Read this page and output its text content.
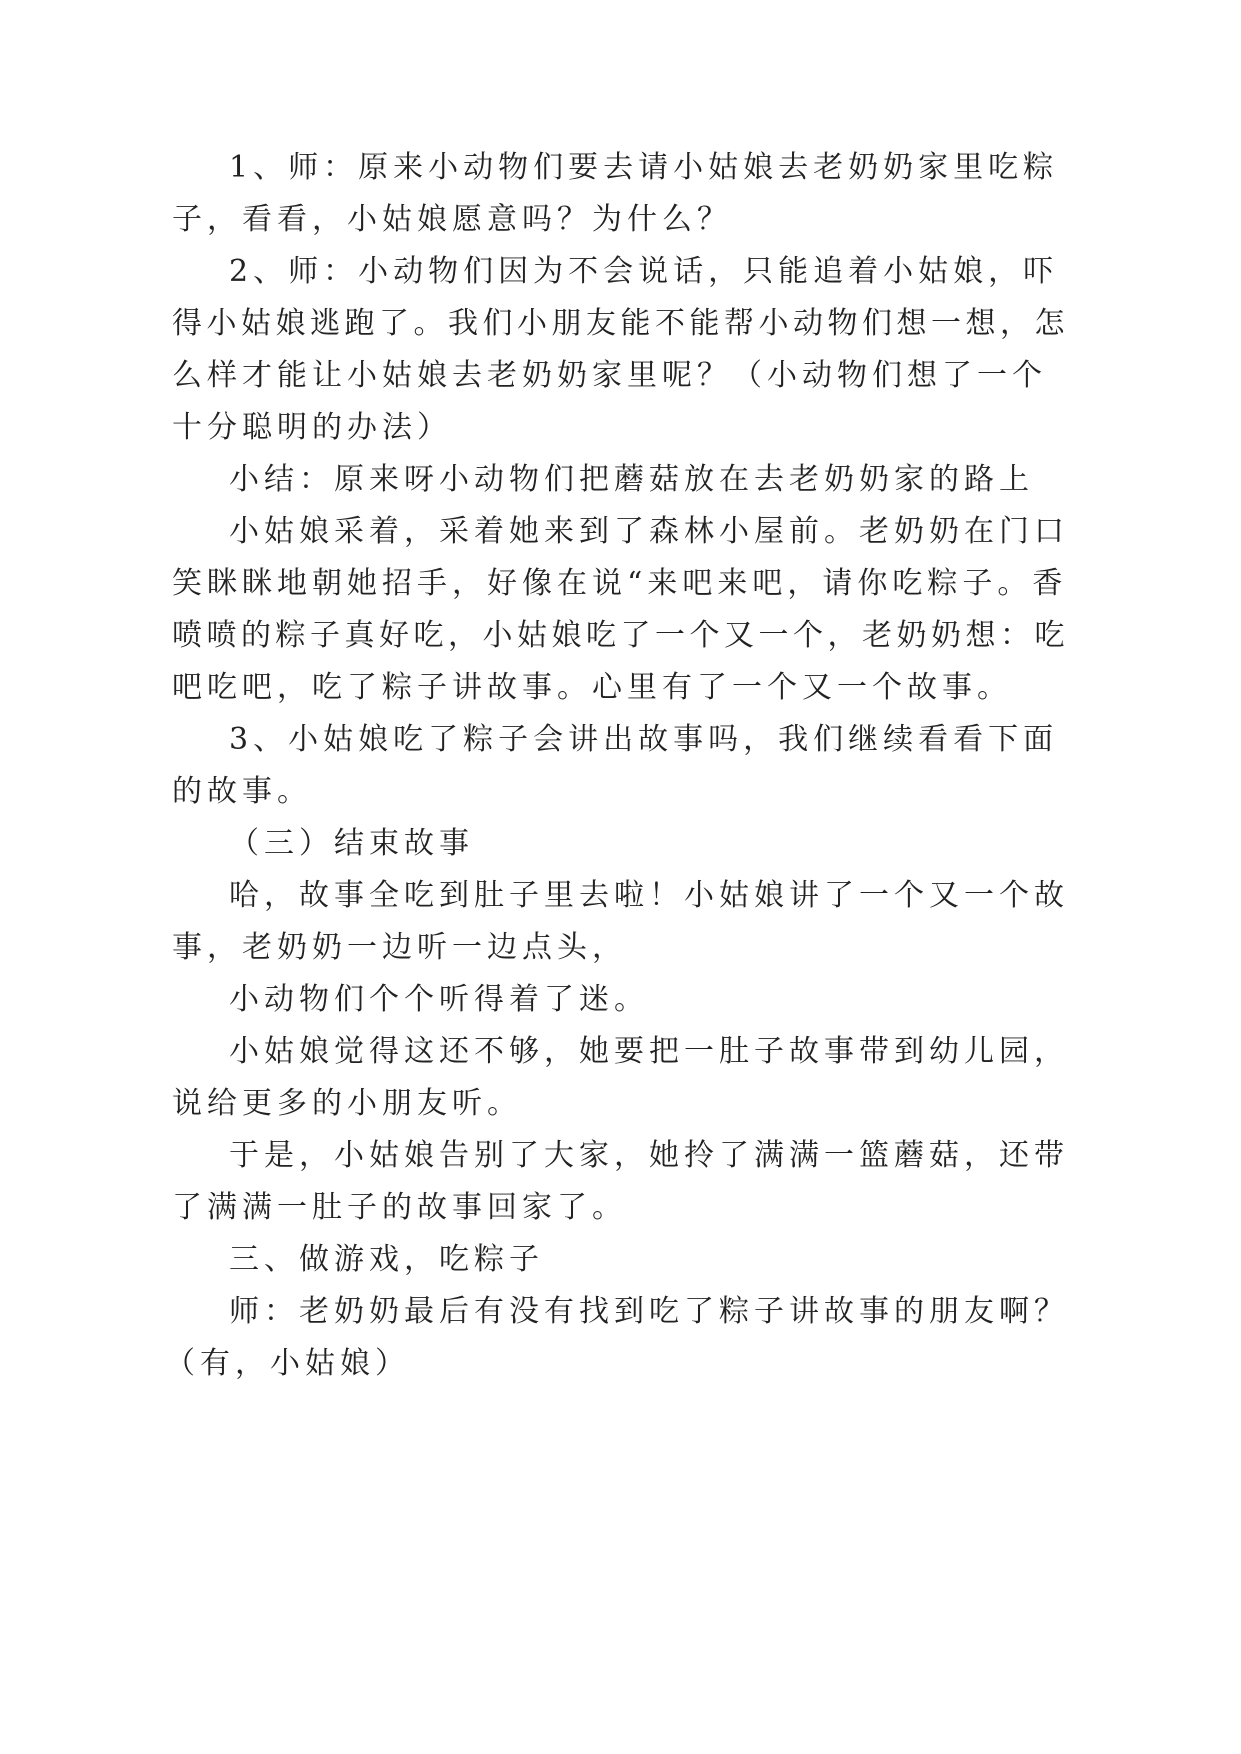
1、师：原来小动物们要去请小姑娘去老奶奶家里吃粽
子，看看，小姑娘愿意吗？为什么？
2、师：小动物们因为不会说话，只能追着小姑娘，吓
得小姑娘逃跑了。我们小朋友能不能帮小动物们想一想，怎
么样才能让小姑娘去老奶奶家里呢？（小动物们想了一个
十分聪明的办法）
小结：原来呀小动物们把蘑菇放在去老奶奶家的路上
小姑娘采着，采着她来到了森林小屋前。老奶奶在门口
笑眯眯地朝她招手，好像在说“来吧来吧，请你吃粽子。香
喷喷的粽子真好吃，小姑娘吃了一个又一个，老奶奶想：吃
吧吃吧，吃了粽子讲故事。心里有了一个又一个故事。
3、小姑娘吃了粽子会讲出故事吗，我们继续看看下面
的故事。
（三）结束故事
哈，故事全吃到肚子里去啦！小姑娘讲了一个又一个故
事，老奶奶一边听一边点头，
小动物们个个听得着了迷。
小姑娘觉得这还不够，她要把一肚子故事带到幼儿园，
说给更多的小朋友听。
于是，小姑娘告别了大家，她拎了满满一篮蘑菇，还带
了满满一肚子的故事回家了。
三、做游戏，吃粽子
师：老奶奶最后有没有找到吃了粽子讲故事的朋友啊？
（有，小姑娘）
